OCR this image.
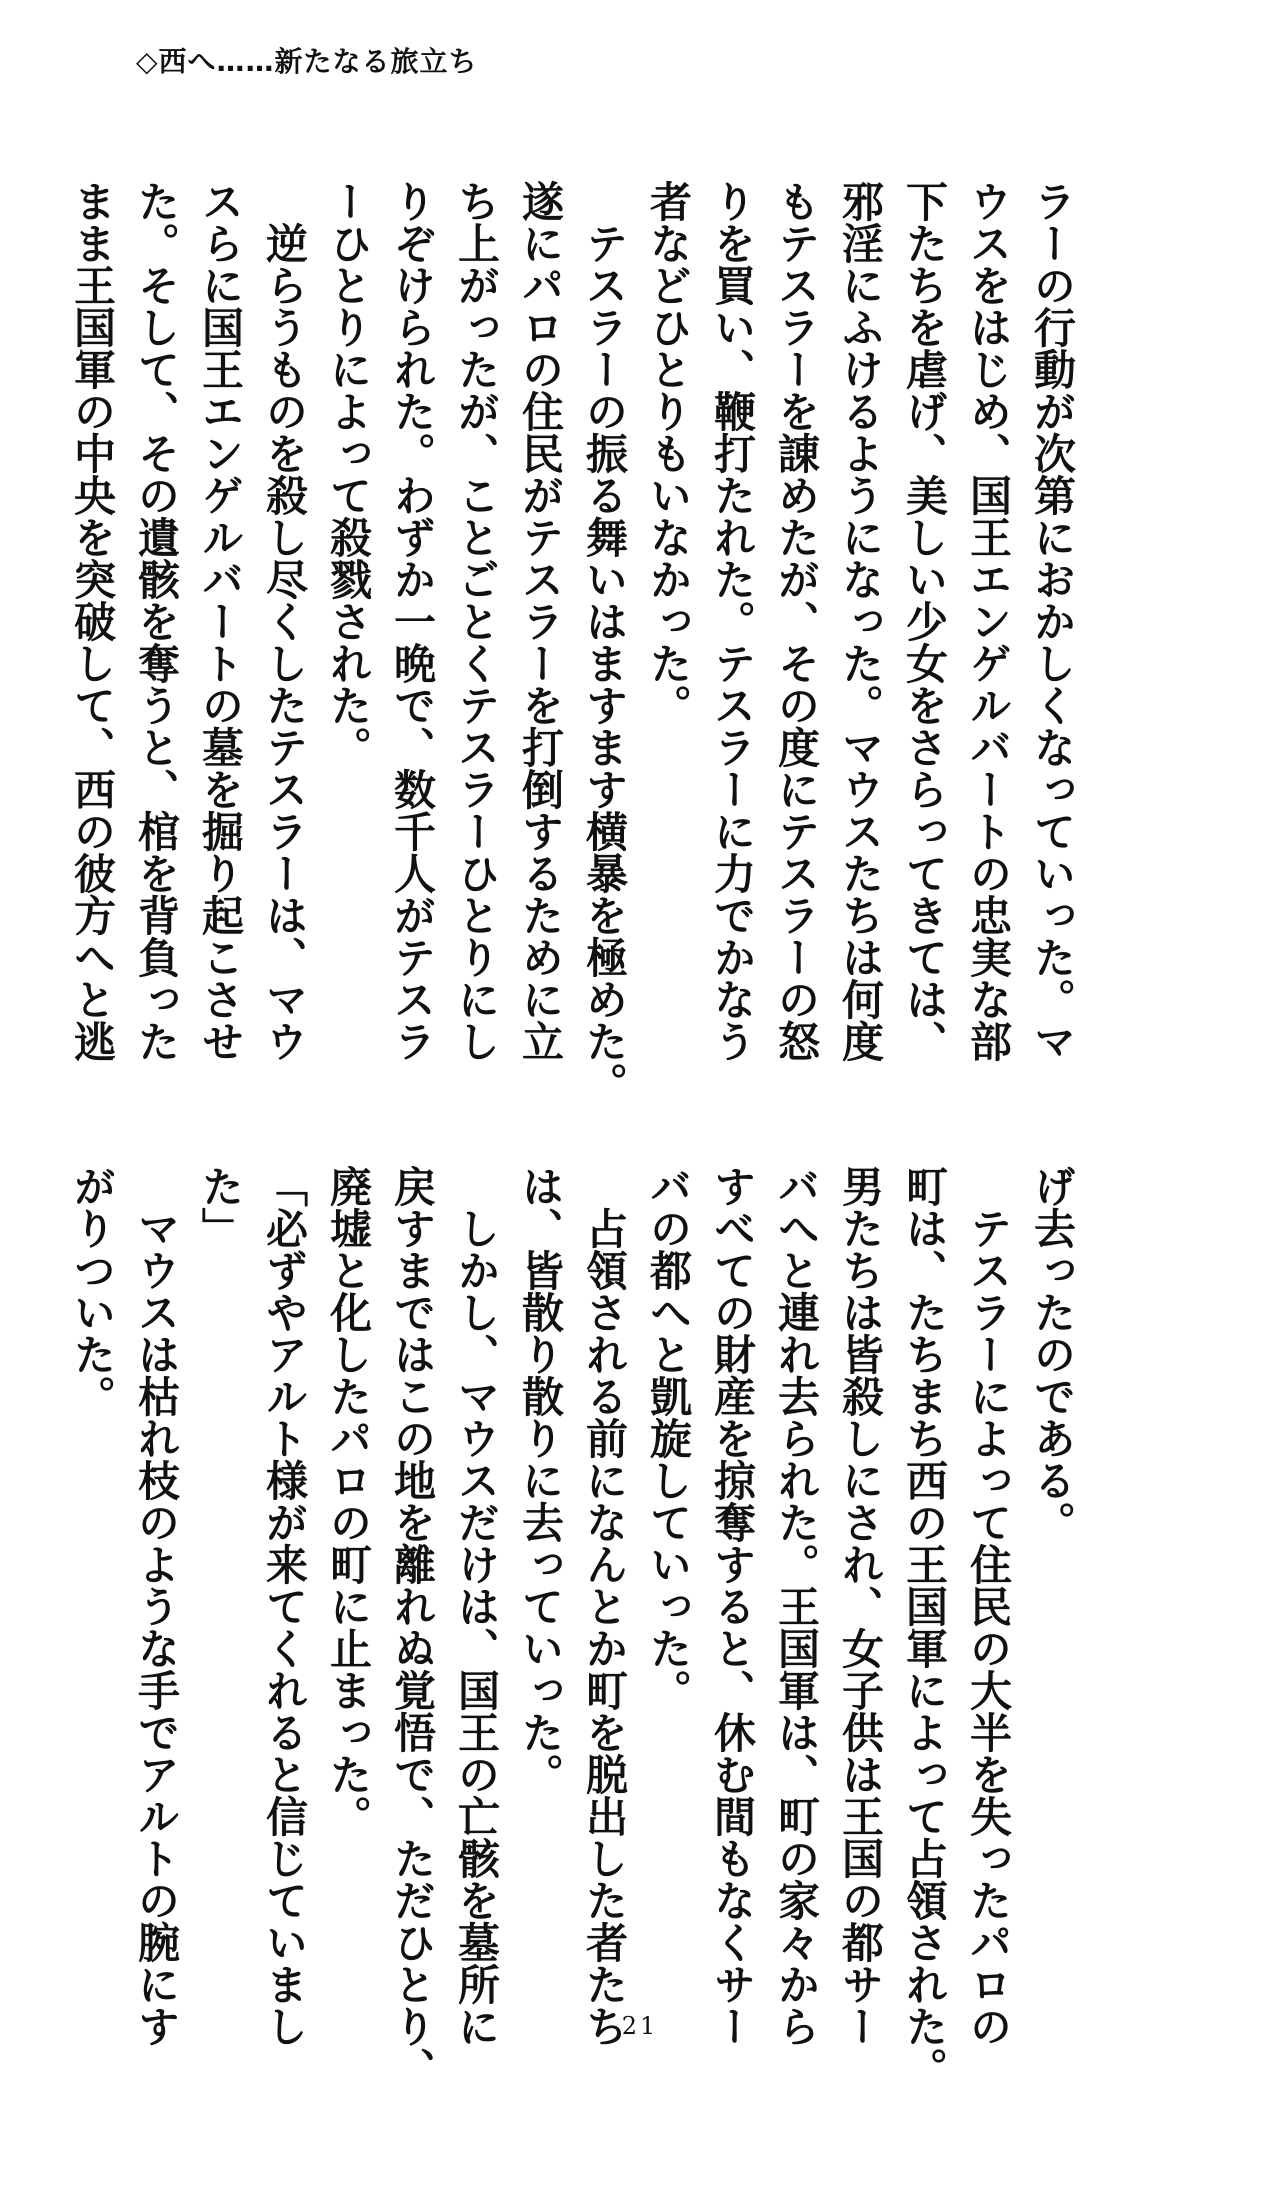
◇西へ……新たなる旅立ち

ラーの行動が次第におかしくなっていった。マ

ウスをはじめ、国王エンゲルバートの忠実な部

下たちを虐げ、美しい少女をさらってきては、

邪淫にふけるようになった。マウスたちは何度

もテスラーを諌めたが、その度にテスラーの怒

りを買い、鞭打たれた。テスラーに力でかなう

者などひとりもいなかった。

　テスラーの振る舞いはますます横暴を極めた。

遂にパロの住民がテスラーを打倒するために立

ち上がったが、ことごとくテスラーひとりにし

りぞけられた。わずか一晩で、数千人がテスラ

ーひとりによって殺戮された。

　逆らうものを殺し尽くしたテスラーは、マウ

スらに国王エンゲルバートの墓を掘り起こさせ

た。そして、その遺骸を奪うと、棺を背負った

まま王国軍の中央を突破して、西の彼方へと逃

げ去ったのである。

　テスラーによって住民の大半を失ったパロの

町は、たちまち西の王国軍によって占領された。

男たちは皆殺しにされ、女子供は王国の都サー

バへと連れ去られた。王国軍は、町の家々から

すべての財産を掠奪すると、休む間もなくサー

バの都へと凱旋していった。

　占領される前になんとか町を脱出した者たち

は、皆散り散りに去っていった。

　しかし、マウスだけは、国王の亡骸を墓所に

戻すまではこの地を離れぬ覚悟で、ただひとり、

廃墟と化したパロの町に止まった。

「必ずやアルト様が来てくれると信じていまし

た」

　マウスは枯れ枝のような手でアルトの腕にす

がりついた。

21
